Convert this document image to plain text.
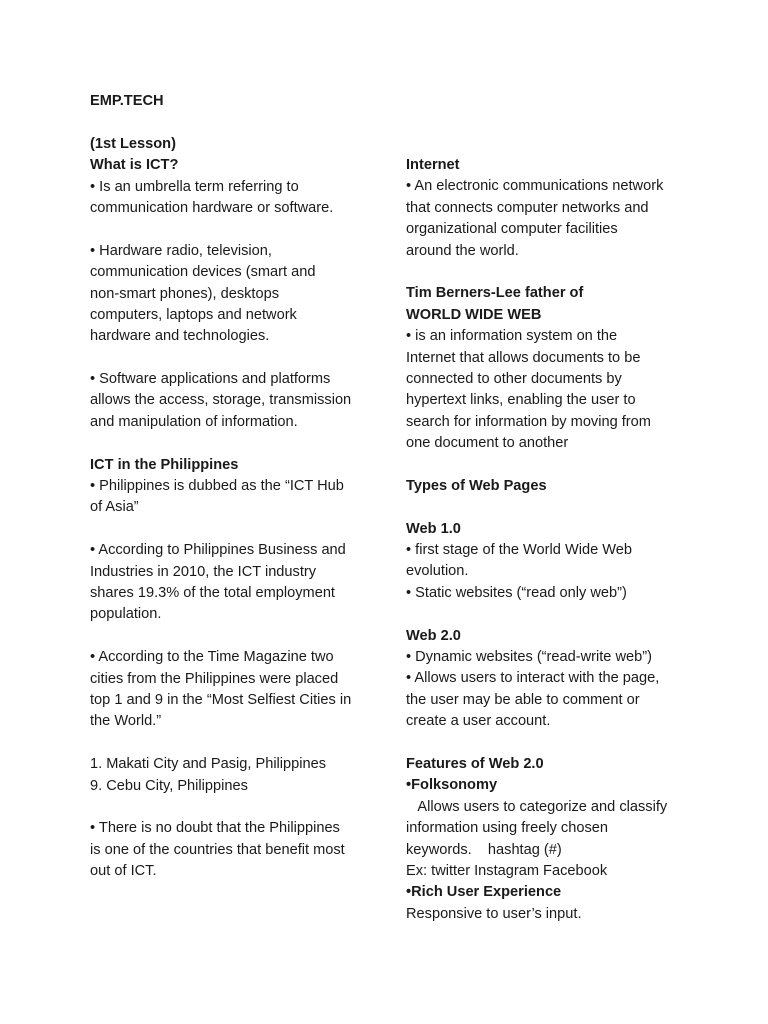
EMP.TECH
(1st Lesson)
What is ICT?
• Is an umbrella term referring to
communication hardware or software.
• Hardware radio, television,
communication devices (smart and
non-smart phones), desktops
computers, laptops and network
hardware and technologies.
• Software applications and platforms
allows the access, storage, transmission
and manipulation of information.
ICT in the Philippines
• Philippines is dubbed as the “ICT Hub
of Asia”
• According to Philippines Business and
Industries in 2010, the ICT industry
shares 19.3% of the total employment
population.
• According to the Time Magazine two
cities from the Philippines were placed
top 1 and 9 in the “Most Selfiest Cities in
the World.”
1. Makati City and Pasig, Philippines
9. Cebu City, Philippines
• There is no doubt that the Philippines
is one of the countries that benefit most
out of ICT.
Internet
• An electronic communications network
that connects computer networks and
organizational computer facilities
around the world.
Tim Berners-Lee father of
WORLD WIDE WEB
• is an information system on the
Internet that allows documents to be
connected to other documents by
hypertext links, enabling the user to
search for information by moving from
one document to another
Types of Web Pages
Web 1.0
• first stage of the World Wide Web
evolution.
• Static websites (“read only web”)
Web 2.0
• Dynamic websites (“read-write web”)
• Allows users to interact with the page,
the user may be able to comment or
create a user account.
Features of Web 2.0
•Folksonomy
Allows users to categorize and classify
information using freely chosen
keywords.    hashtag (#)
Ex: twitter Instagram Facebook
•Rich User Experience
Responsive to user’s input.
